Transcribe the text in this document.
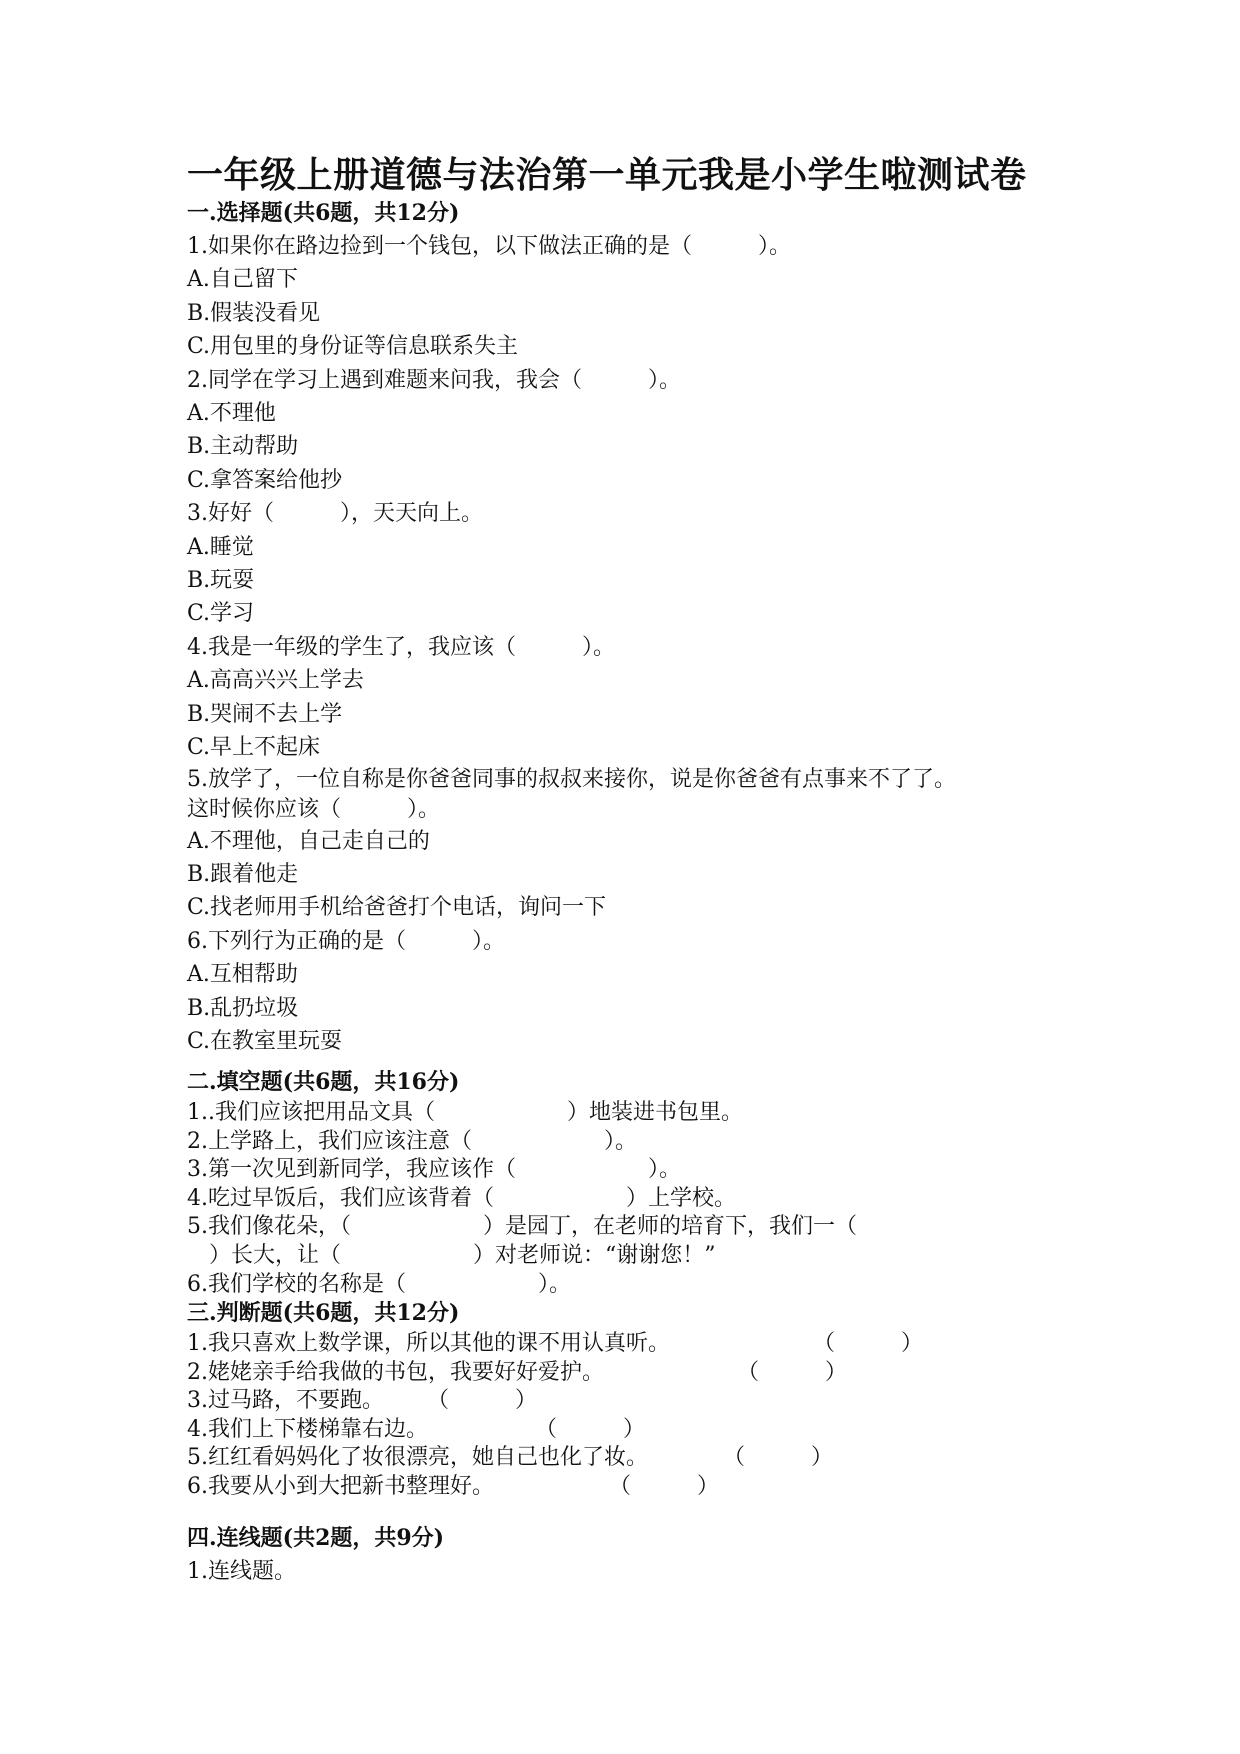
一年级上册道德与法治第一单元我是小学生啦测试卷
一.选择题(共6题，共12分)
1.如果你在路边捡到一个钱包，以下做法正确的是（　　　）。
A.自己留下
B.假装没看见
C.用包里的身份证等信息联系失主
2.同学在学习上遇到难题来问我，我会（　　　）。
A.不理他
B.主动帮助
C.拿答案给他抄
3.好好（　　　），天天向上。
A.睡觉
B.玩耍
C.学习
4.我是一年级的学生了，我应该（　　　）。
A.高高兴兴上学去
B.哭闹不去上学
C.早上不起床
5.放学了，一位自称是你爸爸同事的叔叔来接你，说是你爸爸有点事来不了了。
这时候你应该（　　　）。
A.不理他，自己走自己的
B.跟着他走
C.找老师用手机给爸爸打个电话，询问一下
6.下列行为正确的是（　　　）。
A.互相帮助
B.乱扔垃圾
C.在教室里玩耍
二.填空题(共6题，共16分)
1..我们应该把用品文具（　　　　　　）地装进书包里。
2.上学路上，我们应该注意（　　　　　　）。
3.第一次见到新同学，我应该作（　　　　　　）。
4.吃过早饭后，我们应该背着（　　　　　　）上学校。
5.我们像花朵，（　　　　　　）是园丁，在老师的培育下，我们一（　　　　　　
　）长大，让（　　　　　　）对老师说：“谢谢您！”
6.我们学校的名称是（　　　　　　）。
三.判断题(共6题，共12分)
1.我只喜欢上数学课，所以其他的课不用认真听。	（　　　）
2.姥姥亲手给我做的书包，我要好好爱护。	（　　　）
3.过马路，不要跑。 （　　　）
4.我们上下楼梯靠右边。	（　　　）
5.红红看妈妈化了妆很漂亮，她自己也化了妆。	（　　　）
6.我要从小到大把新书整理好。	（　　　）
四.连线题(共2题，共9分)
1.连线题。
